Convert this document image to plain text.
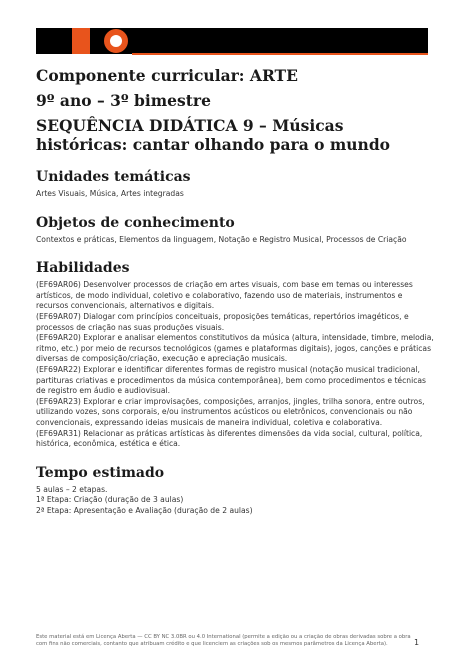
Componente curricular: ARTE
9º ano – 3º bimestre
SEQUÊNCIA DIDÁTICA 9 – Músicas históricas: cantar olhando para o mundo
Unidades temáticas

Artes Visuais, Música, Artes integradas

Objetos de conhecimento

Contextos e práticas, Elementos da linguagem, Notação e Registro Musical, Processos de Criação

Habilidades

(EF69AR06) Desenvolver processos de criação em artes visuais, com base em temas ou interesses artísticos, de modo individual, coletivo e colaborativo, fazendo uso de materiais, instrumentos e recursos convencionais, alternativos e digitais.

(EF69AR07) Dialogar com princípios conceituais, proposições temáticas, repertórios imagéticos, e processos de criação nas suas produções visuais.

(EF69AR20) Explorar e analisar elementos constitutivos da música (altura, intensidade, timbre, melodia, ritmo, etc.) por meio de recursos tecnológicos (games e plataformas digitais), jogos, canções e práticas diversas de composição/criação, execução e apreciação musicais.

(EF69AR22) Explorar e identificar diferentes formas de registro musical (notação musical tradicional, partituras criativas e procedimentos da música contemporânea), bem como procedimentos e técnicas de registro em áudio e audiovisual.

(EF69AR23) Explorar e criar improvisações, composições, arranjos, jingles, trilha sonora, entre outros, utilizando vozes, sons corporais, e/ou instrumentos acústicos ou eletrônicos, convencionais ou não convencionais, expressando ideias musicais de maneira individual, coletiva e colaborativa.

(EF69AR31) Relacionar as práticas artísticas às diferentes dimensões da vida social, cultural, política, histórica, econômica, estética e ética.

Tempo estimado

5 aulas – 2 etapas.

1ª Etapa: Criação (duração de 3 aulas)

2ª Etapa: Apresentação e Avaliação (duração de 2 aulas)

Este material está em Licença Aberta — CC BY NC 3.0BR ou 4.0 International (permite a edição ou a criação de obras derivadas sobre a obra com fins não comerciais, contanto que atribuam crédito e que licenciem as criações sob os mesmos parâmetros da Licença Aberta).	1
